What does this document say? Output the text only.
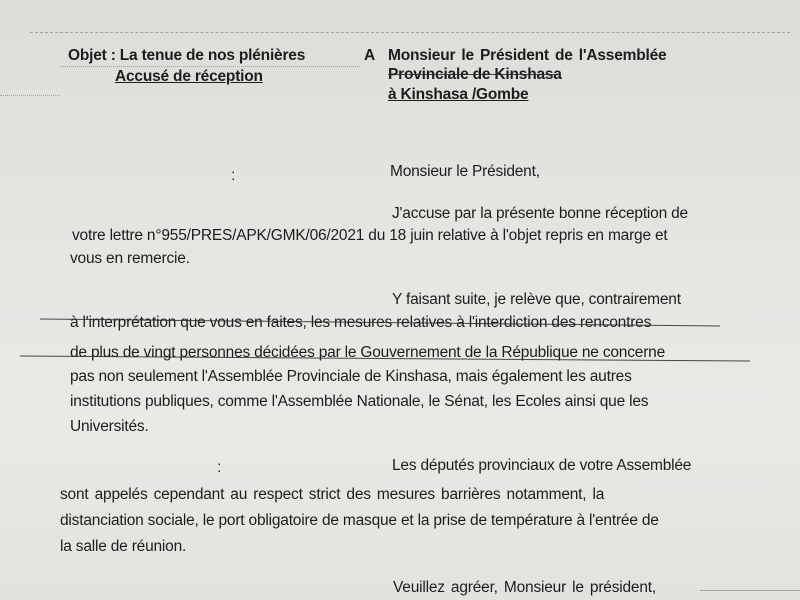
Objet : La tenue de nos plénières
Accusé de réception
A Monsieur le Président de l'Assemblée
Provinciale de Kinshasa
à Kinshasa /Gombe
:	Monsieur le Président,
J'accuse par la présente bonne réception de
votre lettre n°955/PRES/APK/GMK/06/2021 du 18 juin relative à l'objet repris en marge et
vous en remercie.
Y faisant suite, je relève que, contrairement
à l'interprétation que vous en faites, les mesures relatives à l'interdiction des rencontres
de plus de vingt personnes décidées par le Gouvernement de la République ne concerne
pas non seulement l'Assemblée Provinciale de Kinshasa, mais également les autres
institutions publiques, comme l'Assemblée Nationale, le Sénat, les Ecoles ainsi que les
Universités.
:	Les députés provinciaux de votre Assemblée
sont appelés cependant au respect strict des mesures barrières notamment, la
distanciation sociale, le port obligatoire de masque et la prise de température à l'entrée de
la salle de réunion.
Veuillez agréer, Monsieur le président,
